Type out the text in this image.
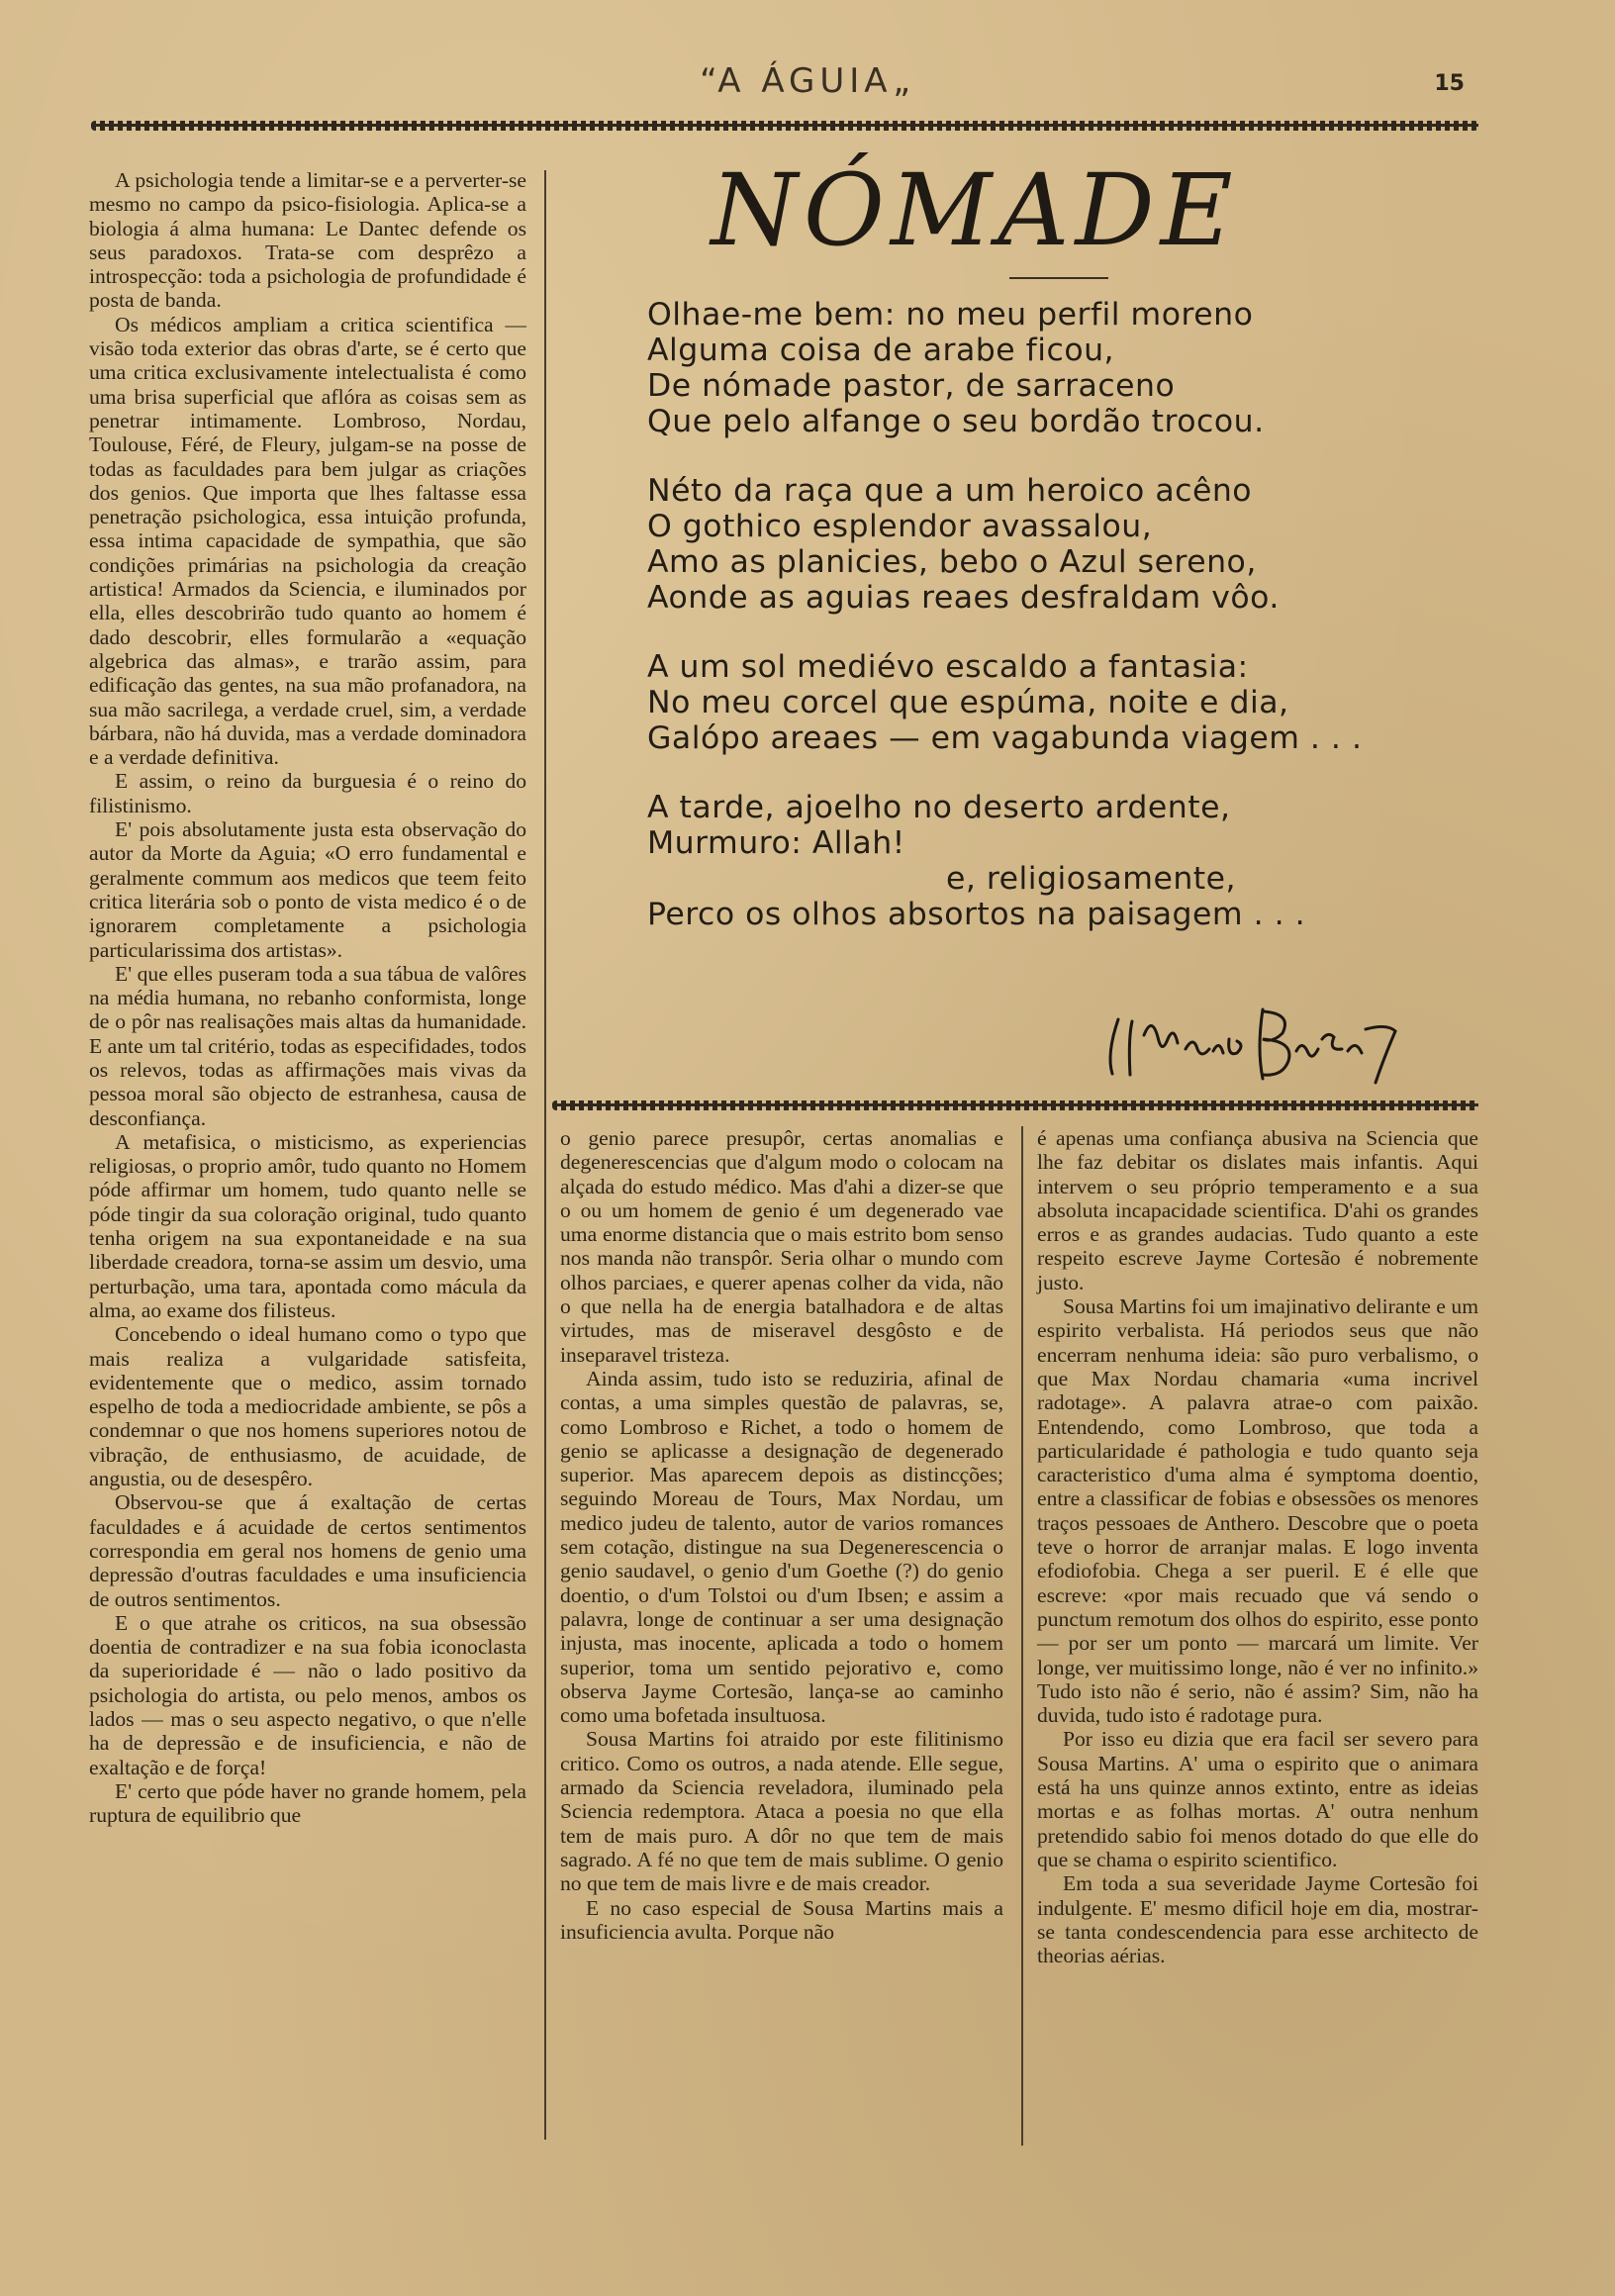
“A ÁGUIA„	15

A psichologia tende a limitar-se e a perverter-se mesmo no campo da psico-fisiologia. Aplica-se a biologia á alma humana: Le Dantec defende os seus paradoxos. Trata-se com desprêzo a introspecção: toda a psichologia de profundidade é posta de banda.

Os médicos ampliam a critica scientifica — visão toda exterior das obras d'arte, se é certo que uma critica exclusivamente intelectualista é como uma brisa superficial que aflóra as coisas sem as penetrar intimamente. Lombroso, Nordau, Toulouse, Féré, de Fleury, julgam-se na posse de todas as faculdades para bem julgar as criações dos genios. Que importa que lhes faltasse essa penetração psichologica, essa intuição profunda, essa intima capacidade de sympathia, que são condições primárias na psichologia da creação artistica! Armados da Sciencia, e iluminados por ella, elles descobrirão tudo quanto ao homem é dado descobrir, elles formularão a «equação algebrica das almas», e trarão assim, para edificação das gentes, na sua mão profanadora, na sua mão sacrilega, a verdade cruel, sim, a verdade bárbara, não há duvida, mas a verdade dominadora e a verdade definitiva.

E assim, o reino da burguesia é o reino do filistinismo.

E' pois absolutamente justa esta observação do autor da Morte da Aguia; «O erro fundamental e geralmente commum aos medicos que teem feito critica literária sob o ponto de vista medico é o de ignorarem completamente a psichologia particularissima dos artistas».

E' que elles puseram toda a sua tábua de valôres na média humana, no rebanho conformista, longe de o pôr nas realisações mais altas da humanidade. E ante um tal critério, todas as especifidades, todos os relevos, todas as affirmações mais vivas da pessoa moral são objecto de estranhesa, causa de desconfiança.

A metafisica, o misticismo, as experiencias religiosas, o proprio amôr, tudo quanto no Homem póde affirmar um homem, tudo quanto nelle se póde tingir da sua coloração original, tudo quanto tenha origem na sua expontaneidade e na sua liberdade creadora, torna-se assim um desvio, uma perturbação, uma tara, apontada como mácula da alma, ao exame dos filisteus.

Concebendo o ideal humano como o typo que mais realiza a vulgaridade satisfeita, evidentemente que o medico, assim tornado espelho de toda a mediocridade ambiente, se pôs a condemnar o que nos homens superiores notou de vibração, de enthusiasmo, de acuidade, de angustia, ou de desespêro.

Observou-se que á exaltação de certas faculdades e á acuidade de certos sentimentos correspondia em geral nos homens de genio uma depressão d'outras faculdades e uma insuficiencia de outros sentimentos.

E o que atrahe os criticos, na sua obsessão doentia de contradizer e na sua fobia iconoclasta da superioridade é — não o lado positivo da psichologia do artista, ou pelo menos, ambos os lados — mas o seu aspecto negativo, o que n'elle ha de depressão e de insuficiencia, e não de exaltação e de força!

E' certo que póde haver no grande homem, pela ruptura de equilibrio que

NÓMADE
Olhae-me bem: no meu perfil moreno
Alguma coisa de arabe ficou,
De nómade pastor, de sarraceno
Que pelo alfange o seu bordão trocou.
Néto da raça que a um heroico acêno
O gothico esplendor avassalou,
Amo as planicies, bebo o Azul sereno,
Aonde as aguias reaes desfraldam vôo.
A um sol mediévo escaldo a fantasia:
No meu corcel que espúma, noite e dia,
Galópo areaes — em vagabunda viagem . . .
A tarde, ajoelho no deserto ardente,
Murmuro: Allah!
e, religiosamente,
Perco os olhos absortos na paisagem . . .

o genio parece presupôr, certas anomalias e degenerescencias que d'algum modo o colocam na alçada do estudo médico. Mas d'ahi a dizer-se que o ou um homem de genio é um degenerado vae uma enorme distancia que o mais estrito bom senso nos manda não transpôr. Seria olhar o mundo com olhos parciaes, e querer apenas colher da vida, não o que nella ha de energia batalhadora e de altas virtudes, mas de miseravel desgôsto e de inseparavel tristeza.

Ainda assim, tudo isto se reduziria, afinal de contas, a uma simples questão de palavras, se, como Lombroso e Richet, a todo o homem de genio se aplicasse a designação de degenerado superior. Mas aparecem depois as distincções; seguindo Moreau de Tours, Max Nordau, um medico judeu de talento, autor de varios romances sem cotação, distingue na sua Degenerescencia o genio saudavel, o genio d'um Goethe (?) do genio doentio, o d'um Tolstoi ou d'um Ibsen; e assim a palavra, longe de continuar a ser uma designação injusta, mas inocente, aplicada a todo o homem superior, toma um sentido pejorativo e, como observa Jayme Cortesão, lança-se ao caminho como uma bofetada insultuosa.

Sousa Martins foi atraido por este filitinismo critico. Como os outros, a nada atende. Elle segue, armado da Sciencia reveladora, iluminado pela Sciencia redemptora. Ataca a poesia no que ella tem de mais puro. A dôr no que tem de mais sagrado. A fé no que tem de mais sublime. O genio no que tem de mais livre e de mais creador.

E no caso especial de Sousa Martins mais a insuficiencia avulta. Porque não

é apenas uma confiança abusiva na Sciencia que lhe faz debitar os dislates mais infantis. Aqui intervem o seu próprio temperamento e a sua absoluta incapacidade scientifica. D'ahi os grandes erros e as grandes audacias. Tudo quanto a este respeito escreve Jayme Cortesão é nobremente justo.

Sousa Martins foi um imajinativo delirante e um espirito verbalista. Há periodos seus que não encerram nenhuma ideia: são puro verbalismo, o que Max Nordau chamaria «uma incrivel radotage». A palavra atrae-o com paixão. Entendendo, como Lombroso, que toda a particularidade é pathologia e tudo quanto seja caracteristico d'uma alma é symptoma doentio, entre a classificar de fobias e obsessões os menores traços pessoaes de Anthero. Descobre que o poeta teve o horror de arranjar malas. E logo inventa efodiofobia. Chega a ser pueril. E é elle que escreve: «por mais recuado que vá sendo o punctum remotum dos olhos do espirito, esse ponto — por ser um ponto — marcará um limite. Ver longe, ver muitissimo longe, não é ver no infinito.» Tudo isto não é serio, não é assim? Sim, não ha duvida, tudo isto é radotage pura.

Por isso eu dizia que era facil ser severo para Sousa Martins. A' uma o espirito que o animara está ha uns quinze annos extinto, entre as ideias mortas e as folhas mortas. A' outra nenhum pretendido sabio foi menos dotado do que elle do que se chama o espirito scientifico.

Em toda a sua severidade Jayme Cortesão foi indulgente. E' mesmo dificil hoje em dia, mostrar-se tanta condescendencia para esse architecto de theorias aérias.
